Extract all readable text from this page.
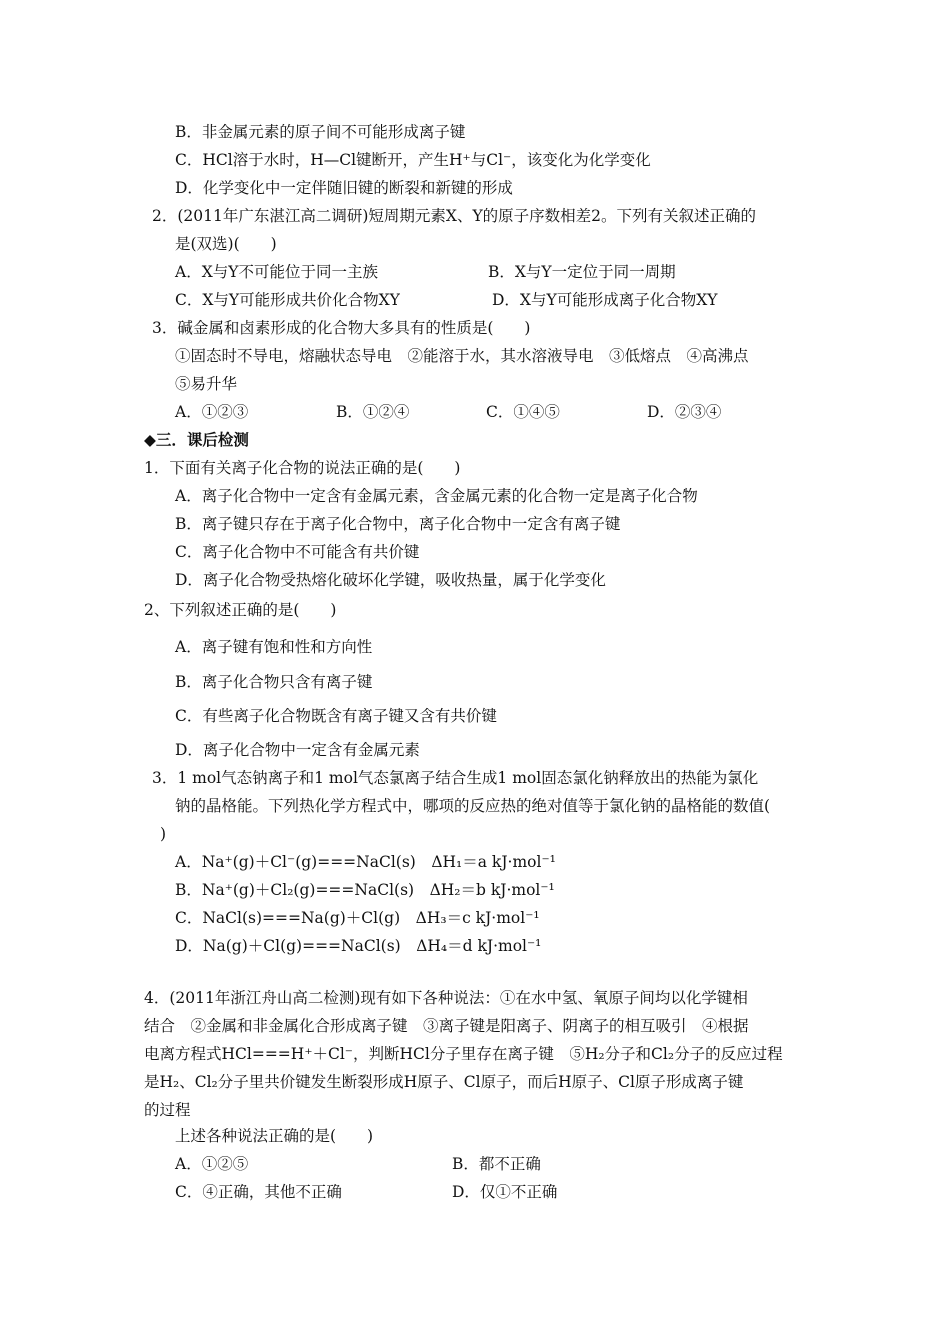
B．非金属元素的原子间不可能形成离子键
C．HCl溶于水时，H—Cl键断开，产生H⁺与Cl⁻，该变化为化学变化
D．化学变化中一定伴随旧键的断裂和新键的形成
2．(2011年广东湛江高二调研)短周期元素X、Y的原子序数相差2。下列有关叙述正确的
是(双选)(　　)
A．X与Y不可能位于同一主族	B．X与Y一定位于同一周期
C．X与Y可能形成共价化合物XY	D．X与Y可能形成离子化合物XY
3．碱金属和卤素形成的化合物大多具有的性质是(　　)
①固态时不导电，熔融状态导电　②能溶于水，其水溶液导电　③低熔点　④高沸点
⑤易升华
A．①②③	B．①②④	C．①④⑤	D．②③④
◆三．课后检测
1．下面有关离子化合物的说法正确的是(　　)
A．离子化合物中一定含有金属元素，含金属元素的化合物一定是离子化合物
B．离子键只存在于离子化合物中，离子化合物中一定含有离子键
C．离子化合物中不可能含有共价键
D．离子化合物受热熔化破坏化学键，吸收热量，属于化学变化
2、下列叙述正确的是(　　)
A．离子键有饱和性和方向性
B．离子化合物只含有离子键
C．有些离子化合物既含有离子键又含有共价键
D．离子化合物中一定含有金属元素
3．1 mol气态钠离子和1 mol气态氯离子结合生成1 mol固态氯化钠释放出的热能为氯化
钠的晶格能。下列热化学方程式中，哪项的反应热的绝对值等于氯化钠的晶格能的数值(
)
A．Na⁺(g)＋Cl⁻(g)===NaCl(s)　ΔH₁＝a kJ·mol⁻¹
B．Na⁺(g)＋Cl₂(g)===NaCl(s)　ΔH₂＝b kJ·mol⁻¹
C．NaCl(s)===Na(g)＋Cl(g)　ΔH₃＝c kJ·mol⁻¹
D．Na(g)＋Cl(g)===NaCl(s)　ΔH₄＝d kJ·mol⁻¹
4．(2011年浙江舟山高二检测)现有如下各种说法：①在水中氢、氧原子间均以化学键相
结合　②金属和非金属化合形成离子键　③离子键是阳离子、阴离子的相互吸引　④根据
电离方程式HCl===H⁺＋Cl⁻，判断HCl分子里存在离子键　⑤H₂分子和Cl₂分子的反应过程
是H₂、Cl₂分子里共价键发生断裂形成H原子、Cl原子，而后H原子、Cl原子形成离子键
的过程
上述各种说法正确的是(　　)
A．①②⑤	B．都不正确
C．④正确，其他不正确	D．仅①不正确
